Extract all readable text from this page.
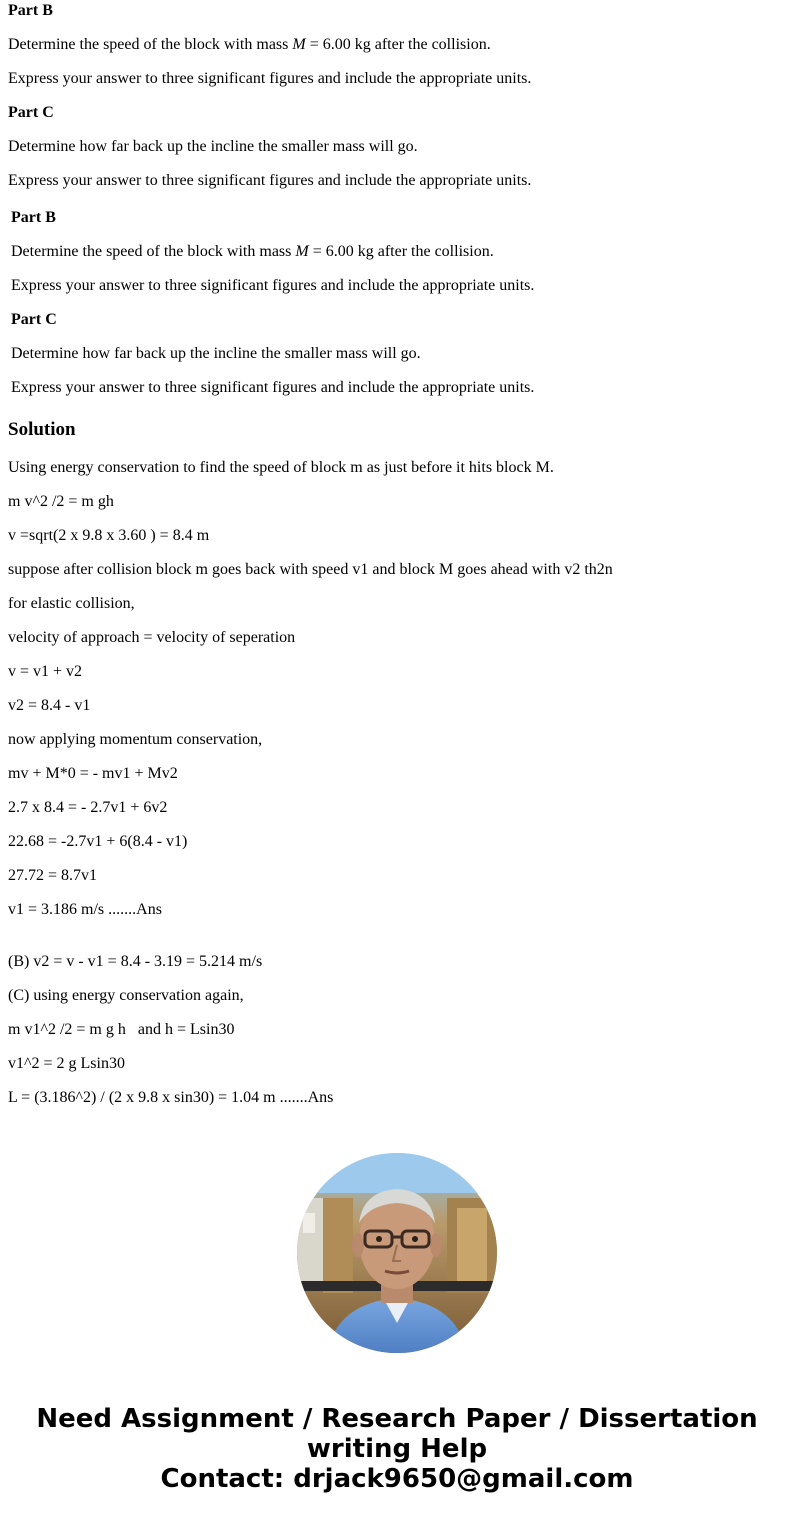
Part B
Determine the speed of the block with mass M = 6.00 kg after the collision.
Express your answer to three significant figures and include the appropriate units.
Part C
Determine how far back up the incline the smaller mass will go.
Express your answer to three significant figures and include the appropriate units.
Part B
Determine the speed of the block with mass M = 6.00 kg after the collision.
Express your answer to three significant figures and include the appropriate units.
Part C
Determine how far back up the incline the smaller mass will go.
Express your answer to three significant figures and include the appropriate units.
Solution
Using energy conservation to find the speed of block m as just before it hits block M.
m v^2 /2 = m gh
v =sqrt(2 x 9.8 x 3.60 ) = 8.4 m
suppose after collision block m goes back with speed v1 and block M goes ahead with v2 th2n
for elastic collision,
velocity of approach = velocity of seperation
v = v1 + v2
v2 = 8.4 - v1
now applying momentum conservation,
mv + M*0 = - mv1 + Mv2
2.7 x 8.4 = - 2.7v1 + 6v2
22.68 = -2.7v1 + 6(8.4 - v1)
27.72 = 8.7v1
v1 = 3.186 m/s .......Ans
(B) v2 = v - v1 = 8.4 - 3.19 = 5.214 m/s
(C) using energy conservation again,
m v1^2 /2 = m g h   and h = Lsin30
v1^2 = 2 g Lsin30
L = (3.186^2) / (2 x 9.8 x sin30) = 1.04 m .......Ans
Need Assignment / Research Paper / Dissertation
writing Help
Contact: drjack9650@gmail.com
